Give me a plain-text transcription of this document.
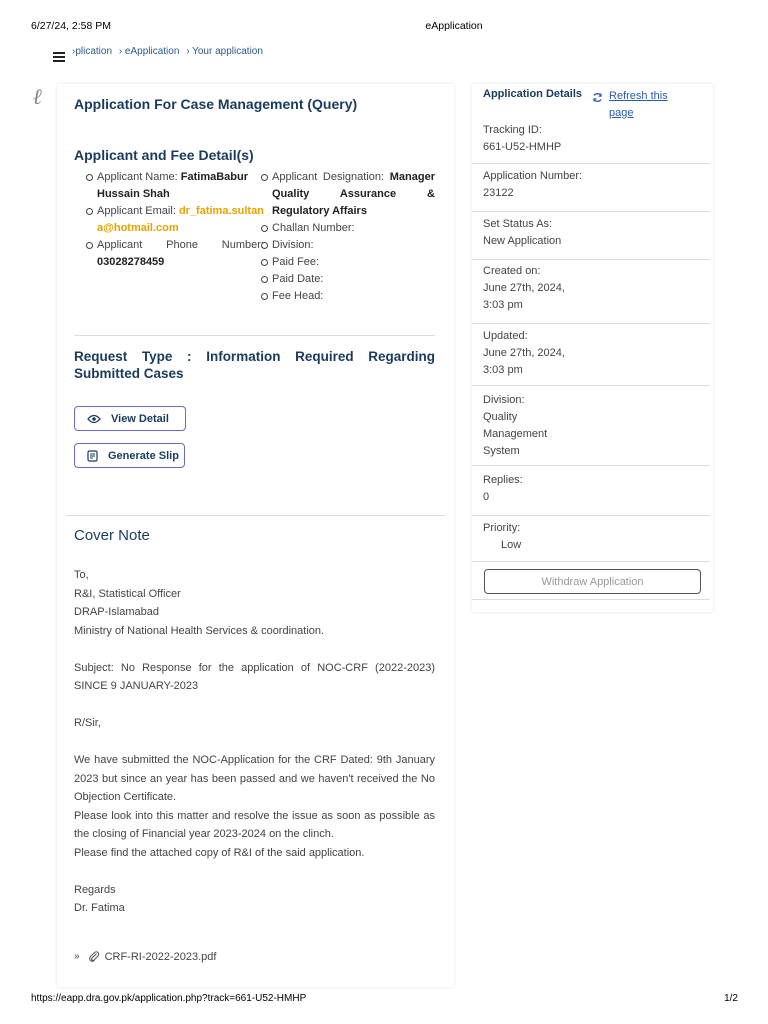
6/27/24, 2:58 PM	eApplication
›plication › eApplication › Your application
ℓ Application For Case Management (Query)
Applicant and Fee Detail(s)
Applicant Name: FatimaBabur Hussain Shah
Applicant Email: dr_fatima.sultana@hotmail.com
Applicant Phone Number: 03028278459
Applicant Designation: Manager Quality Assurance & Regulatory Affairs
Challan Number:
Division:
Paid Fee:
Paid Date:
Fee Head:
Request Type : Information Required Regarding Submitted Cases
View Detail
Generate Slip
Cover Note

To,

R&I, Statistical Officer

DRAP-Islamabad

Ministry of National Health Services & coordination.

Subject: No Response for the application of NOC-CRF (2022-2023) SINCE 9 JANUARY-2023

R/Sir,

We have submitted the NOC-Application for the CRF Dated: 9th January 2023 but since an year has been passed and we haven't received the No Objection Certificate.

Please look into this matter and resolve the issue as soon as possible as the closing of Financial year 2023-2024 on the clinch.

Please find the attached copy of R&I of the said application.

Regards

Dr. Fatima

» CRF-RI-2022-2023.pdf
Application Details Refresh this page
Tracking ID:
661-U52-HMHP
Application Number:
23122
Set Status As:
New Application
Created on:
June 27th, 2024, 3:03 pm
Updated:
June 27th, 2024, 3:03 pm
Division:
Quality Management System
Replies:
0
Priority:
Low
Withdraw Application
https://eapp.dra.gov.pk/application.php?track=661-U52-HMHP	1/2
